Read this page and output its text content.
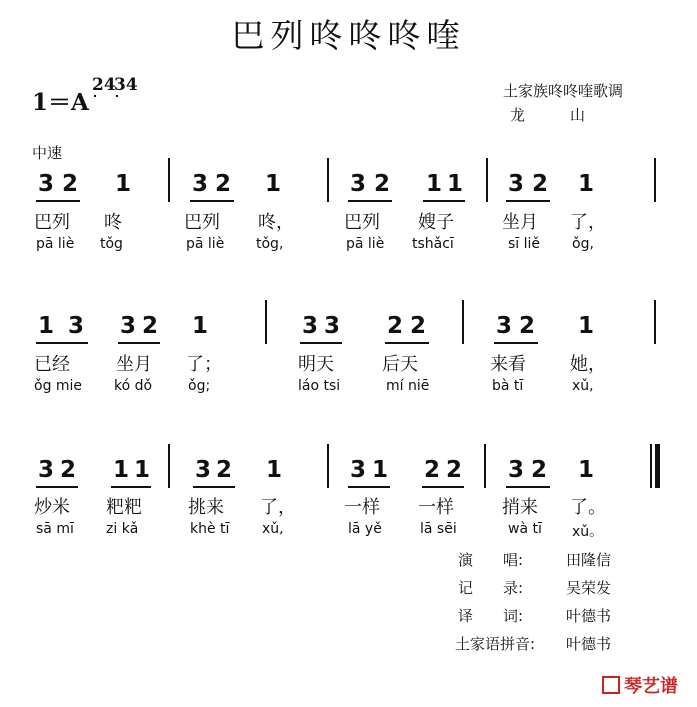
巴列咚咚咚喹
1＝A
2
4
3
4	土家族咚咚喹歌调
龙　　　山
中速
3 2 1	3 2 1	3 2 1 1 3 2 1
巴列 咚	巴列 咚，	巴列 嫂子	坐月 了，
pā liè tǒg	pā liè tǒg,	pā liè tshǎcī	sī liě ǒg,
1 3 3 2 1	3 3 2 2	3 2 1
已经	坐月 了；	明天	后天	来看 她，
ǒg mie kó dǒ	ǒg;	láo tsi	mí niē	bà tī	xǔ,
3 2 1 1 3 2 1	3 1 2 2 3 2 1
炒米 粑粑	挑来 了，	一样 一样	捎来 了。
sā mī zi kǎ	khè tī xǔ,	lā yě	lā sēi	wà tī xǔ。
演　　唱:	田隆信
记　　录:	吴荣发
译　　词:	叶德书
土家语拼音: 叶德书
琴艺谱
